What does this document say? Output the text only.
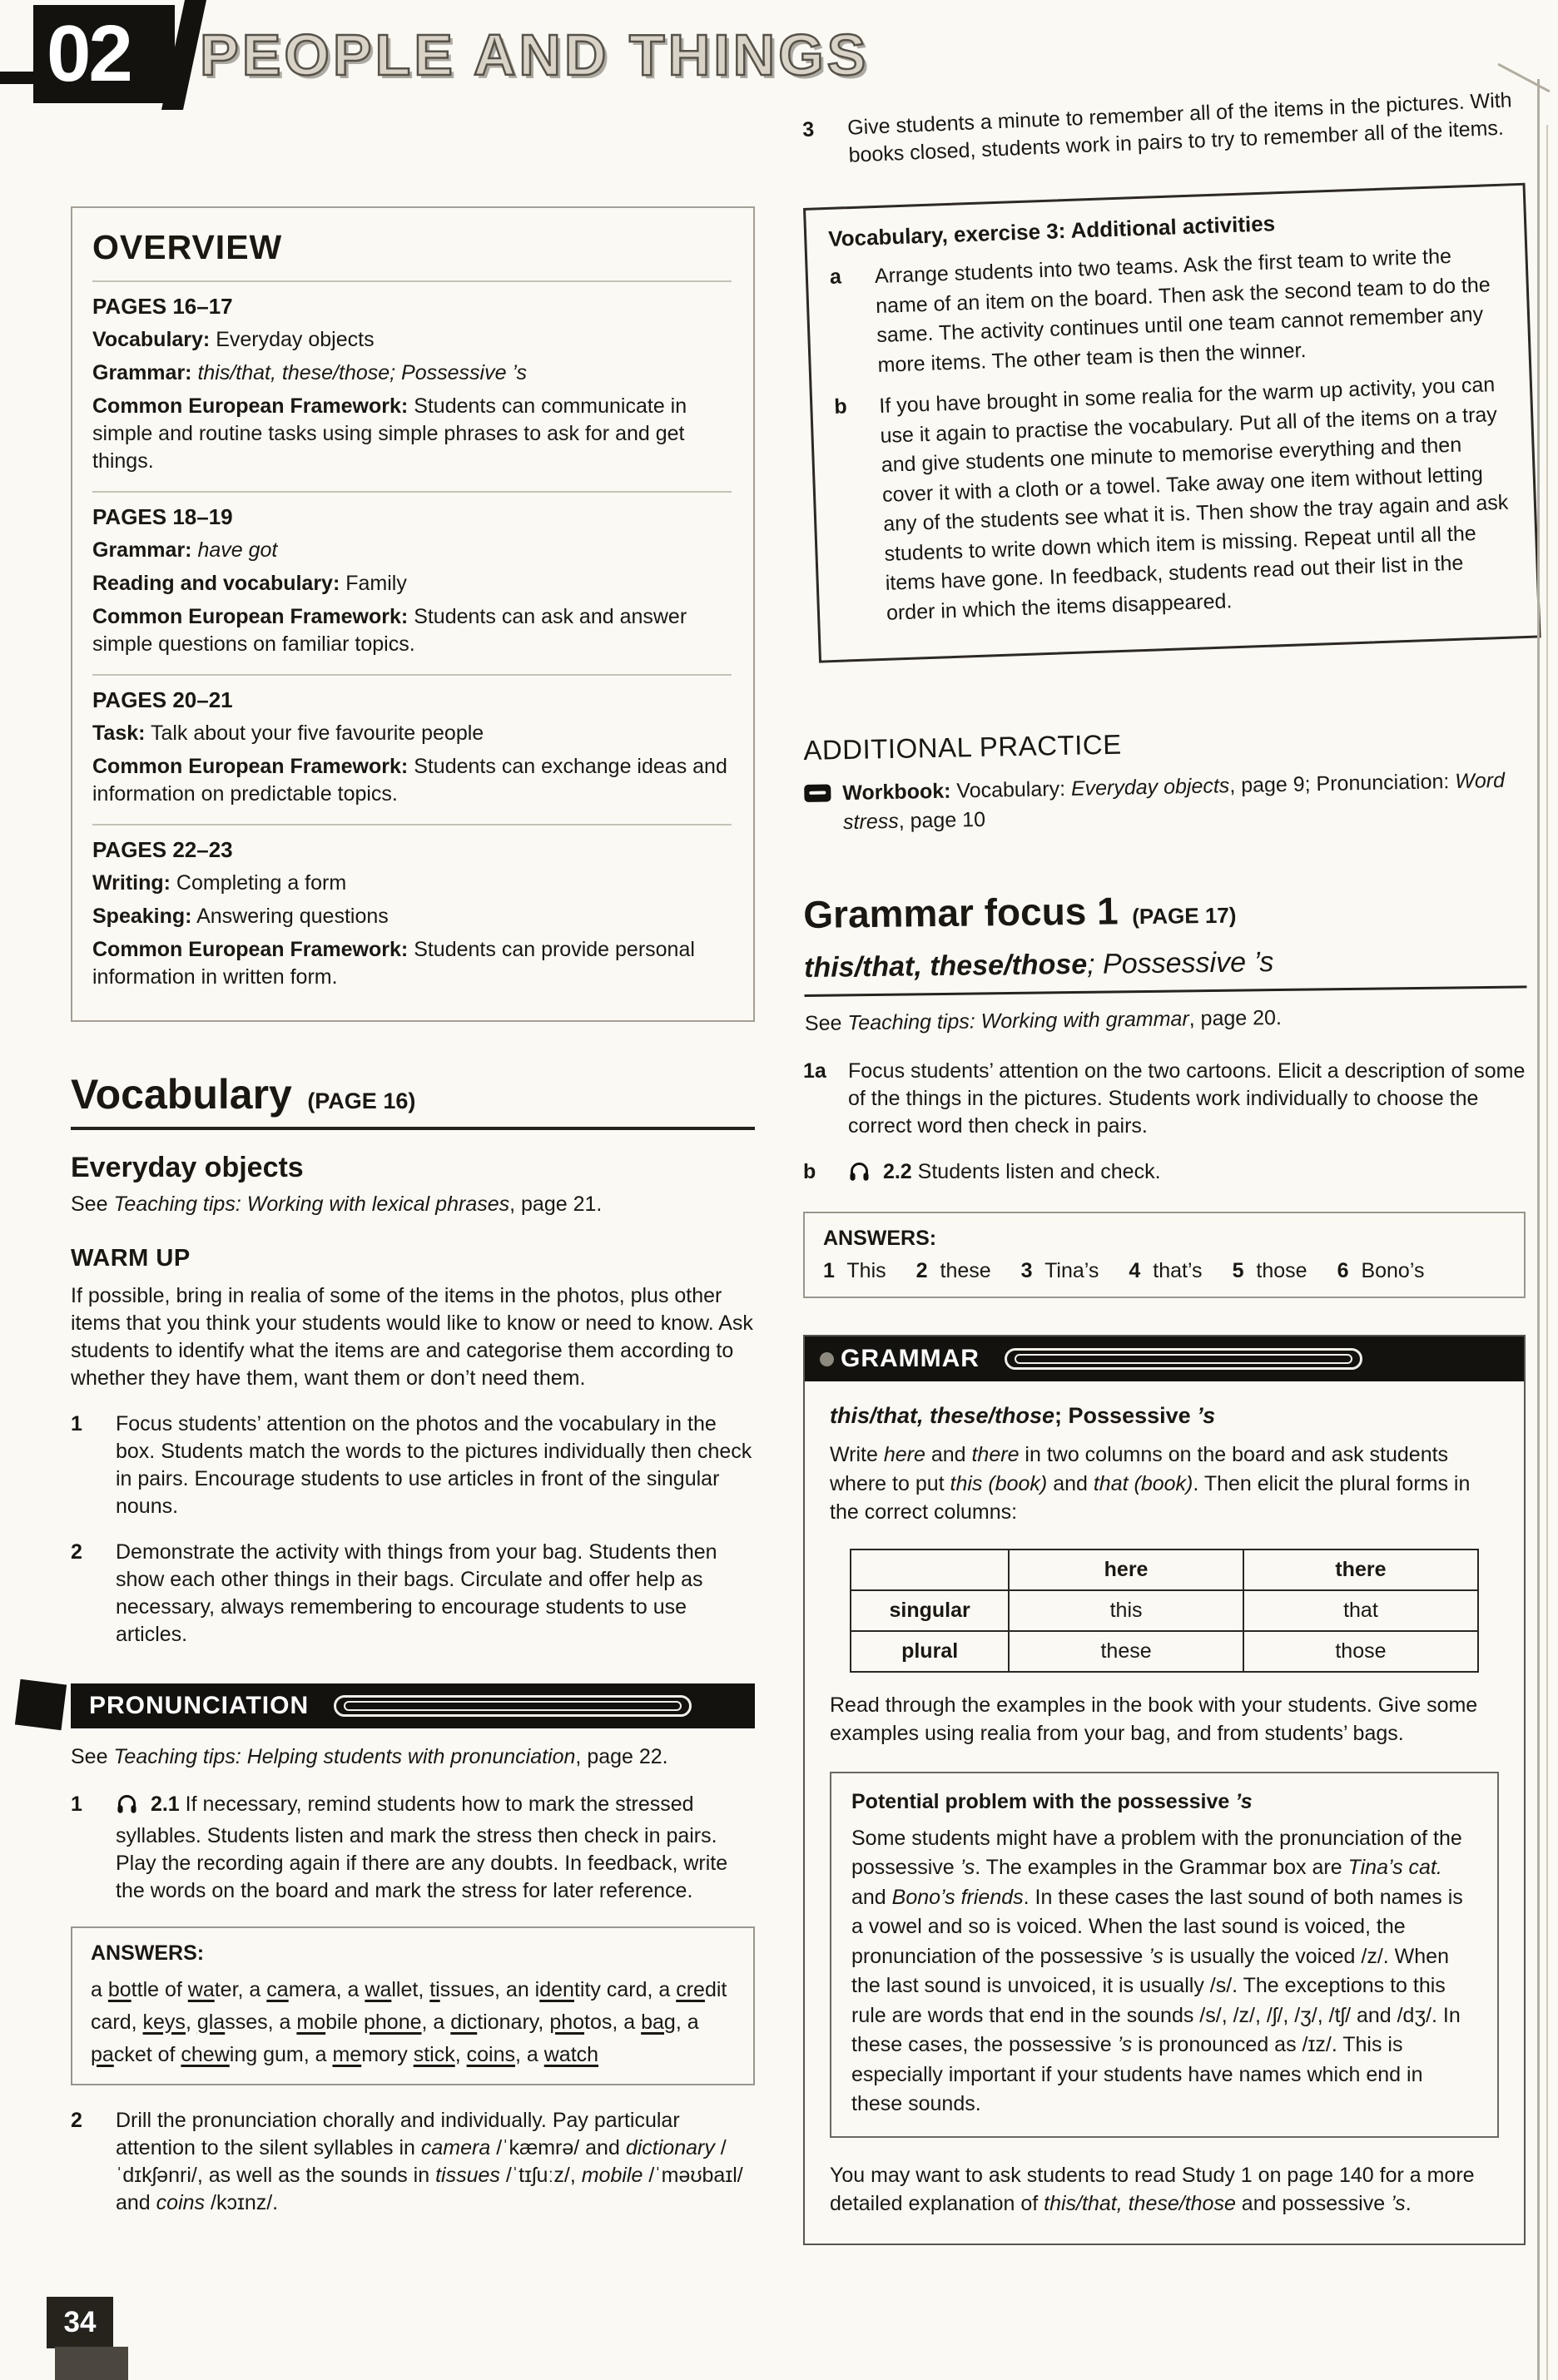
02 PEOPLE AND THINGS
OVERVIEW
PAGES 16–17

Vocabulary: Everyday objects

Grammar: this/that, these/those; Possessive ’s

Common European Framework: Students can communicate in simple and routine tasks using simple phrases to ask for and get things.

PAGES 18–19

Grammar: have got

Reading and vocabulary: Family

Common European Framework: Students can ask and answer simple questions on familiar topics.

PAGES 20–21

Task: Talk about your five favourite people

Common European Framework: Students can exchange ideas and information on predictable topics.

PAGES 22–23

Writing: Completing a form

Speaking: Answering questions

Common European Framework: Students can provide personal information in written form.

Vocabulary (PAGE 16)
Everyday objects

See Teaching tips: Working with lexical phrases, page 21.

WARM UP

If possible, bring in realia of some of the items in the photos, plus other items that you think your students would like to know or need to know. Ask students to identify what the items are and categorise them according to whether they have them, want them or don’t need them.

1	Focus students’ attention on the photos and the vocabulary in the box. Students match the words to the pictures individually then check in pairs. Encourage students to use articles in front of the singular nouns.
2	Demonstrate the activity with things from your bag. Students then show each other things in their bags. Circulate and offer help as necessary, always remembering to encourage students to use articles.
PRONUNCIATION

See Teaching tips: Helping students with pronunciation, page 22.

1	2.1 If necessary, remind students how to mark the stressed syllables. Students listen and mark the stress then check in pairs. Play the recording again if there are any doubts. In feedback, write the words on the board and mark the stress for later reference.
ANSWERS:
a bottle of water, a camera, a wallet, tissues, an identity card, a credit card, keys, glasses, a mobile phone, a dictionary, photos, a bag, a packet of chewing gum, a memory stick, coins, a watch
2	Drill the pronunciation chorally and individually. Pay particular attention to the silent syllables in camera /ˈkæmrə/ and dictionary /ˈdɪkʃənri/, as well as the sounds in tissues /ˈtɪʃuːz/, mobile /ˈməʊbaɪl/ and coins /kɔɪnz/.
3	Give students a minute to remember all of the items in the pictures. With books closed, students work in pairs to try to remember all of the items.
Vocabulary, exercise 3: Additional activities
a	Arrange students into two teams. Ask the first team to write the name of an item on the board. Then ask the second team to do the same. The activity continues until one team cannot remember any more items. The other team is then the winner.
b	If you have brought in some realia for the warm up activity, you can use it again to practise the vocabulary. Put all of the items on a tray and give students one minute to memorise everything and then cover it with a cloth or a towel. Take away one item without letting any of the students see what it is. Then show the tray again and ask students to write down which item is missing. Repeat until all the items have gone. In feedback, students read out their list in the order in which the items disappeared.
ADDITIONAL PRACTICE
Workbook: Vocabulary: Everyday objects, page 9; Pronunciation: Word stress, page 10
Grammar focus 1 (PAGE 17)
this/that, these/those; Possessive ’s

See Teaching tips: Working with grammar, page 20.

1a	Focus students’ attention on the two cartoons. Elicit a description of some of the things in the pictures. Students work individually to choose the correct word then check in pairs.
b	2.2 Students listen and check.
ANSWERS:
1 This 2 these 3 Tina’s 4 that’s 5 those 6 Bono’s
GRAMMAR
this/that, these/those; Possessive ’s

Write here and there in two columns on the board and ask students where to put this (book) and that (book). Then elicit the plural forms in the correct columns:

	here	there
singular	this	that
plural	these	those

Read through the examples in the book with your students. Give some examples using realia from your bag, and from students’ bags.

Potential problem with the possessive ’s
Some students might have a problem with the pronunciation of the possessive ’s. The examples in the Grammar box are Tina’s cat. and Bono’s friends. In these cases the last sound of both names is a vowel and so is voiced. When the last sound is voiced, the pronunciation of the possessive ’s is usually the voiced /z/. When the last sound is unvoiced, it is usually /s/. The exceptions to this rule are words that end in the sounds /s/, /z/, /ʃ/, /ʒ/, /tʃ/ and /dʒ/. In these cases, the possessive ’s is pronounced as /ɪz/. This is especially important if your students have names which end in these sounds.

You may want to ask students to read Study 1 on page 140 for a more detailed explanation of this/that, these/those and possessive ’s.

34
